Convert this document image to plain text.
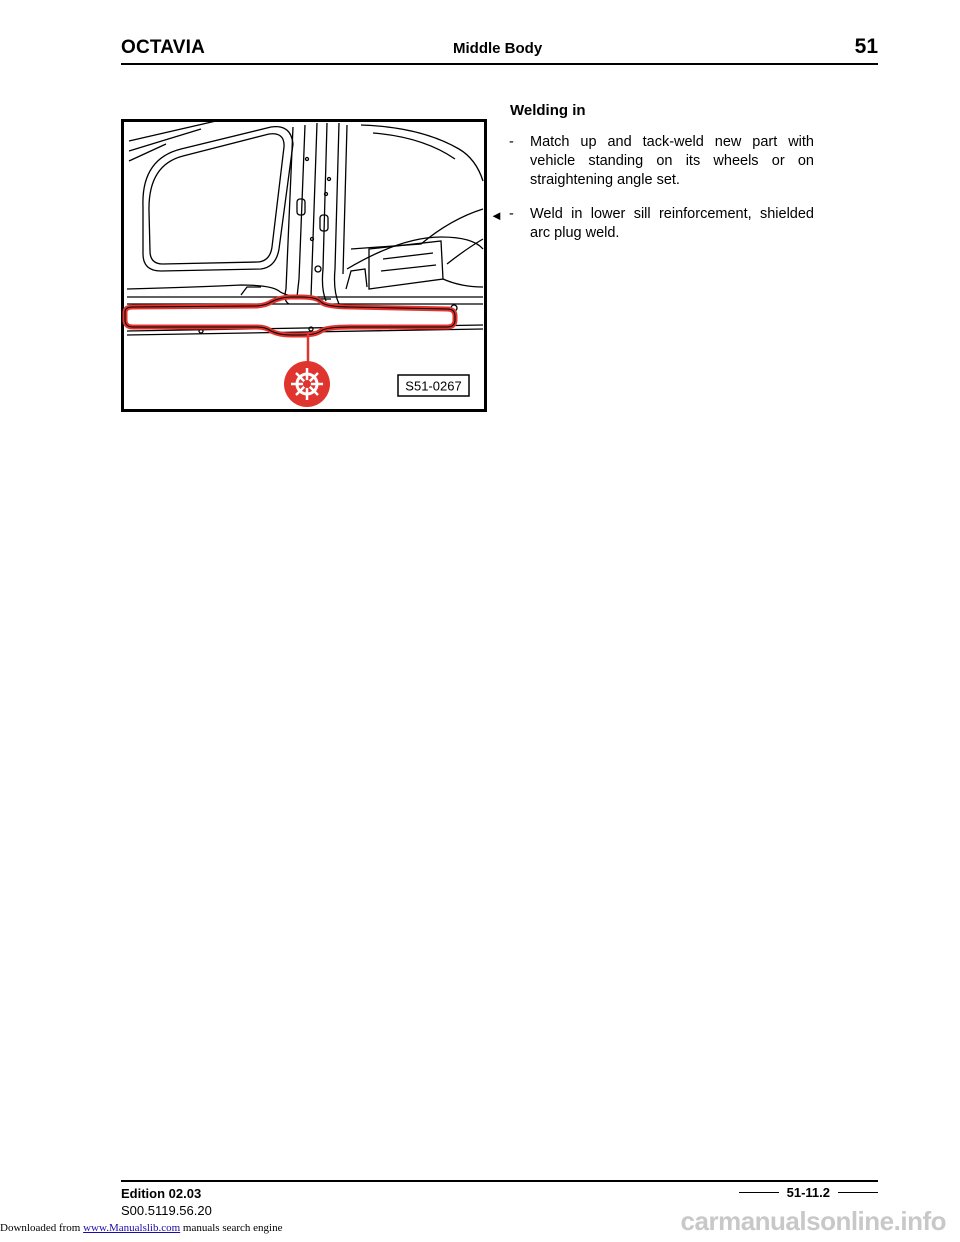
OCTAVIA	Middle Body	51
S51-0267
Welding in
- Match up and tack-weld new part with vehicle standing on its wheels or on straightening angle set.
◄ - Weld in lower sill reinforcement, shielded arc plug weld.
Edition 02.03
S00.5119.56.20
51-11.2
Downloaded from www.Manualslib.com manuals search engine	carmanualsonline.info
